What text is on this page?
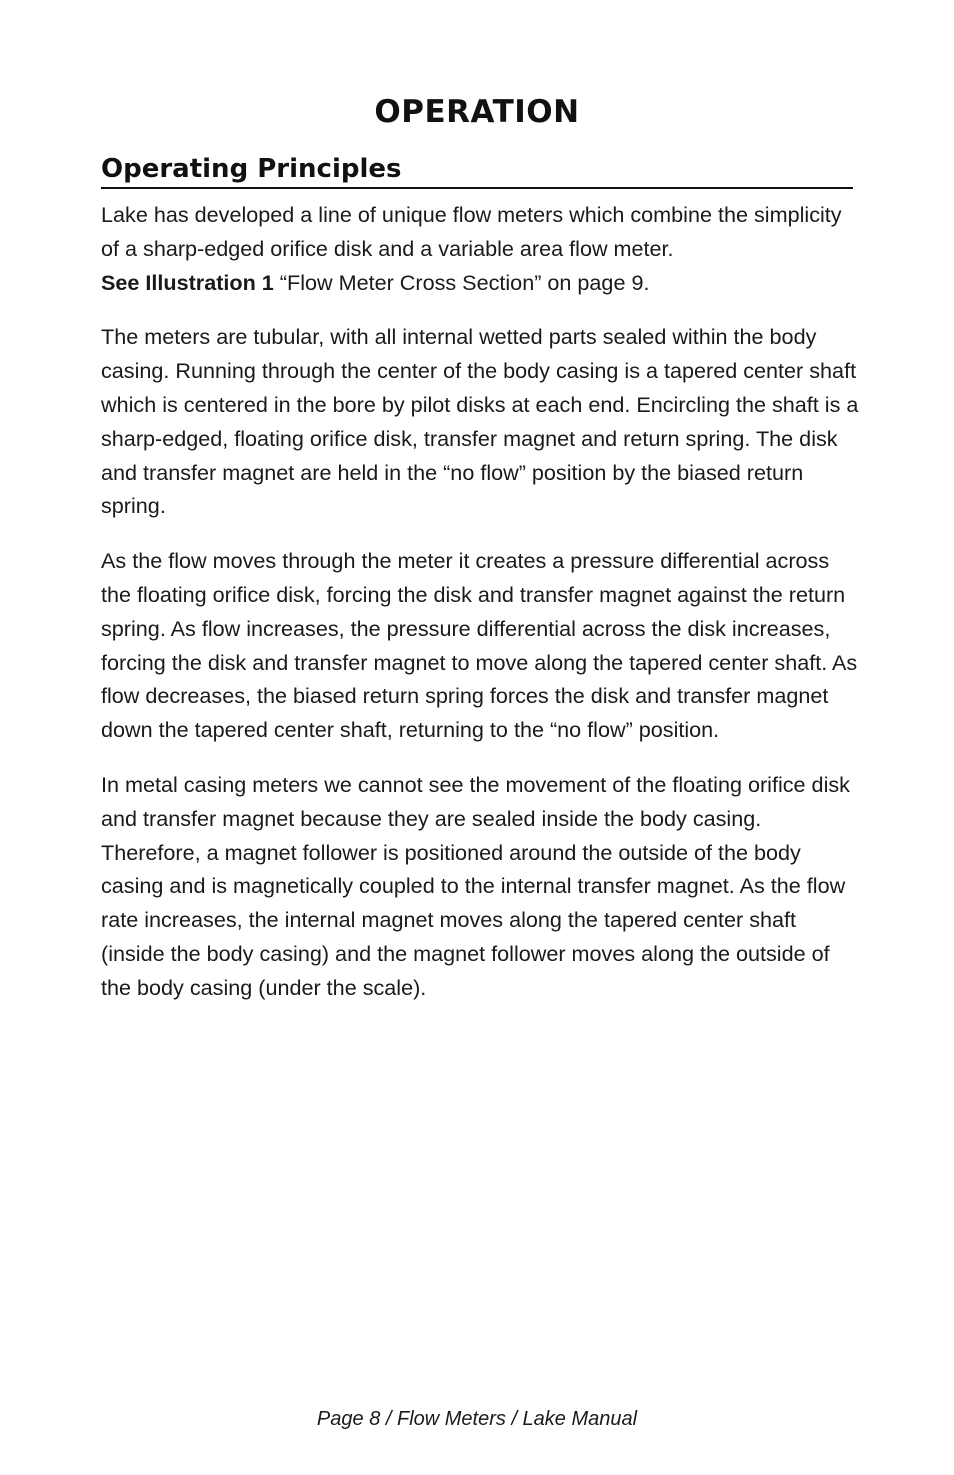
OPERATION
Operating Principles

Lake has developed a line of unique flow meters which combine the simplicity of a sharp-edged orifice disk and a variable area flow meter.
See Illustration 1 “Flow Meter Cross Section” on page 9.

The meters are tubular, with all internal wetted parts sealed within the body casing. Running through the center of the body casing is a tapered center shaft which is centered in the bore by pilot disks at each end. Encircling the shaft is a sharp-edged, floating orifice disk, transfer magnet and return spring. The disk and transfer magnet are held in the “no flow” position by the biased return spring.

As the flow moves through the meter it creates a pressure differential across the floating orifice disk, forcing the disk and transfer magnet against the return spring. As flow increases, the pressure differential across the disk increases, forcing the disk and transfer magnet to move along the tapered center shaft. As flow decreases, the biased return spring forces the disk and transfer magnet down the tapered center shaft, returning to the “no flow” position.

In metal casing meters we cannot see the movement of the floating orifice disk and transfer magnet because they are sealed inside the body casing. Therefore, a magnet follower is positioned around the outside of the body casing and is magnetically coupled to the internal transfer magnet. As the flow rate increases, the internal magnet moves along the tapered center shaft (inside the body casing) and the magnet follower moves along the outside of the body casing (under the scale).

Page 8 / Flow Meters / Lake Manual
